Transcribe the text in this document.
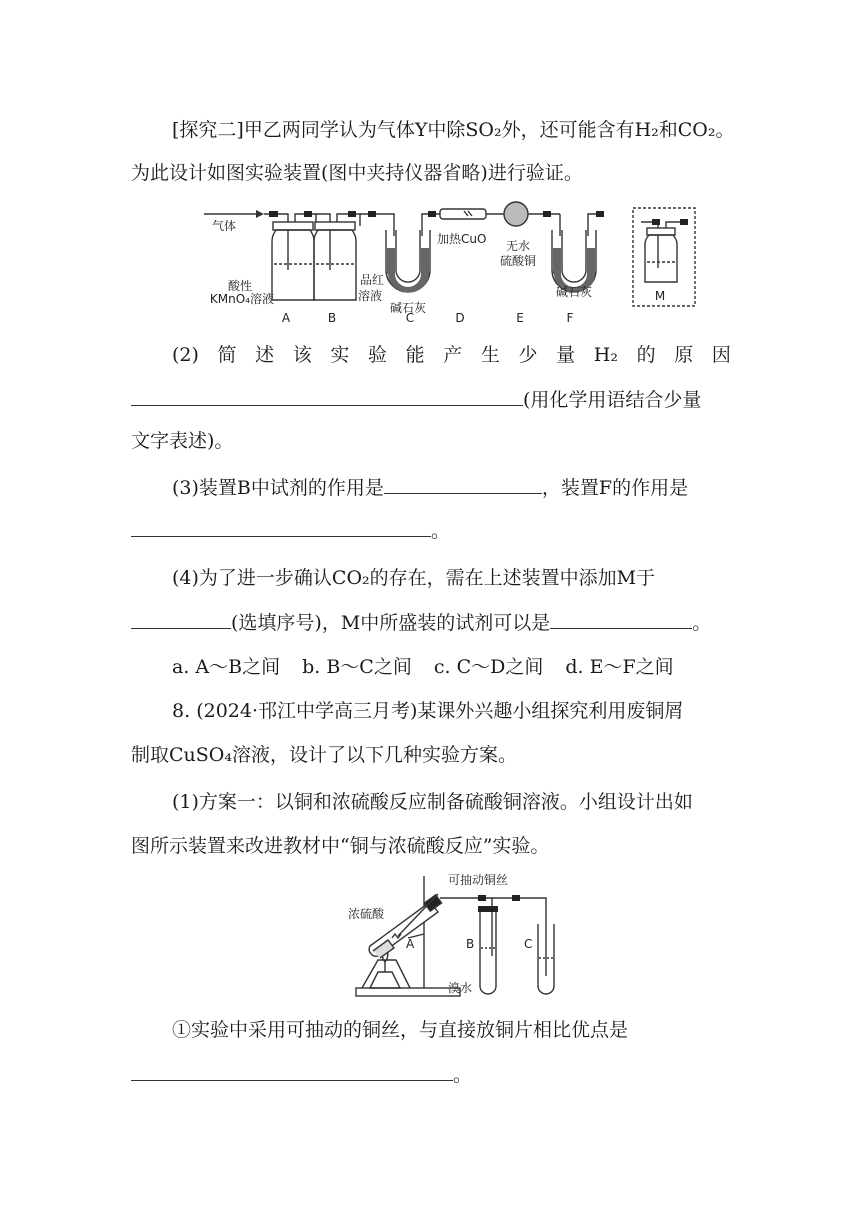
[探究二]甲乙两同学认为气体Y中除SO₂外，还可能含有H₂和CO₂。
为此设计如图实验装置(图中夹持仪器省略)进行验证。
气体
酸性
KMnO₄溶液
品红
溶液
碱石灰
加热CuO 无水
硫酸铜
碱石灰	M
A	B	C	D	E	F
(2) 简 述 该 实 验 能 产 生 少 量 H₂ 的 原 因
(用化学用语结合少量
文字表述)。
(3)装置B中试剂的作用是	，装置F的作用是
。
(4)为了进一步确认CO₂的存在，需在上述装置中添加M于
(选填序号)，M中所盛装的试剂可以是	。
a. A～B之间 b. B～C之间 c. C～D之间 d. E～F之间
8. (2024·邗江中学高三月考)某课外兴趣小组探究利用废铜屑
制取CuSO₄溶液，设计了以下几种实验方案。
(1)方案一：以铜和浓硫酸反应制备硫酸铜溶液。小组设计出如
图所示装置来改进教材中“铜与浓硫酸反应”实验。
可抽动铜丝
浓硫酸
A	B	C
溴水
①实验中采用可抽动的铜丝，与直接放铜片相比优点是
。
